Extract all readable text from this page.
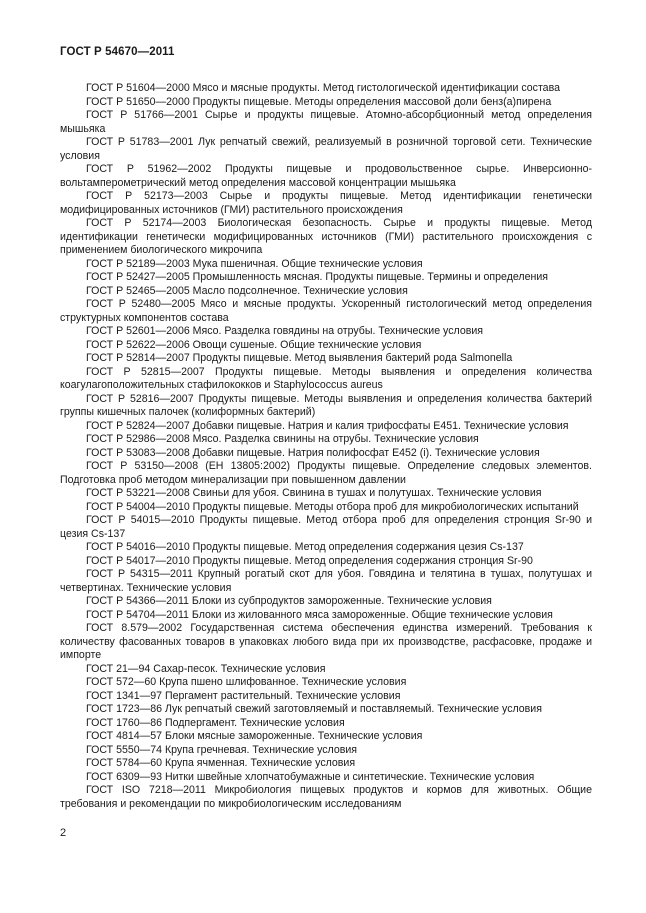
ГОСТ Р 54670—2011
ГОСТ Р 51604—2000 Мясо и мясные продукты. Метод гистологической идентификации состава
ГОСТ Р 51650—2000 Продукты пищевые. Методы определения массовой доли бенз(а)пирена
ГОСТ Р 51766—2001 Сырье и продукты пищевые. Атомно-абсорбционный метод определения мышьяка
ГОСТ Р 51783—2001 Лук репчатый свежий, реализуемый в розничной торговой сети. Технические условия
ГОСТ Р 51962—2002 Продукты пищевые и продовольственное сырье. Инверсионно-вольтамперометрический метод определения массовой концентрации мышьяка
ГОСТ Р 52173—2003 Сырье и продукты пищевые. Метод идентификации генетически модифицированных источников (ГМИ) растительного происхождения
ГОСТ Р 52174—2003 Биологическая безопасность. Сырье и продукты пищевые. Метод идентификации генетически модифицированных источников (ГМИ) растительного происхождения с применением биологического микрочипа
ГОСТ Р 52189—2003 Мука пшеничная. Общие технические условия
ГОСТ Р 52427—2005 Промышленность мясная. Продукты пищевые. Термины и определения
ГОСТ Р 52465—2005 Масло подсолнечное. Технические условия
ГОСТ Р 52480—2005 Мясо и мясные продукты. Ускоренный гистологический метод определения структурных компонентов состава
ГОСТ Р 52601—2006 Мясо. Разделка говядины на отрубы. Технические условия
ГОСТ Р 52622—2006 Овощи сушеные. Общие технические условия
ГОСТ Р 52814—2007 Продукты пищевые. Метод выявления бактерий рода Salmonella
ГОСТ Р 52815—2007 Продукты пищевые. Методы выявления и определения количества коагулагоположительных стафилококков и Staphylococcus aureus
ГОСТ Р 52816—2007 Продукты пищевые. Методы выявления и определения количества бактерий группы кишечных палочек (колиформных бактерий)
ГОСТ Р 52824—2007 Добавки пищевые. Натрия и калия трифосфаты Е451. Технические условия
ГОСТ Р 52986—2008 Мясо. Разделка свинины на отрубы. Технические условия
ГОСТ Р 53083—2008 Добавки пищевые. Натрия полифосфат Е452 (i). Технические условия
ГОСТ Р 53150—2008 (ЕН 13805:2002) Продукты пищевые. Определение следовых элементов. Подготовка проб методом минерализации при повышенном давлении
ГОСТ Р 53221—2008 Свиньи для убоя. Свинина в тушах и полутушах. Технические условия
ГОСТ Р 54004—2010 Продукты пищевые. Методы отбора проб для микробиологических испытаний
ГОСТ Р 54015—2010 Продукты пищевые. Метод отбора проб для определения стронция Sr-90 и цезия Cs-137
ГОСТ Р 54016—2010 Продукты пищевые. Метод определения содержания цезия Cs-137
ГОСТ Р 54017—2010 Продукты пищевые. Метод определения содержания стронция Sr-90
ГОСТ Р 54315—2011 Крупный рогатый скот для убоя. Говядина и телятина в тушах, полутушах и четвертинах. Технические условия
ГОСТ Р 54366—2011 Блоки из субпродуктов замороженные. Технические условия
ГОСТ Р 54704—2011 Блоки из жилованного мяса замороженные. Общие технические условия
ГОСТ 8.579—2002 Государственная система обеспечения единства измерений. Требования к количеству фасованных товаров в упаковках любого вида при их производстве, расфасовке, продаже и импорте
ГОСТ 21—94 Сахар-песок. Технические условия
ГОСТ 572—60 Крупа пшено шлифованное. Технические условия
ГОСТ 1341—97 Пергамент растительный. Технические условия
ГОСТ 1723—86 Лук репчатый свежий заготовляемый и поставляемый. Технические условия
ГОСТ 1760—86 Подпергамент. Технические условия
ГОСТ 4814—57 Блоки мясные замороженные. Технические условия
ГОСТ 5550—74 Крупа гречневая. Технические условия
ГОСТ 5784—60 Крупа ячменная. Технические условия
ГОСТ 6309—93 Нитки швейные хлопчатобумажные и синтетические. Технические условия
ГОСТ ISO 7218—2011 Микробиология пищевых продуктов и кормов для животных. Общие требования и рекомендации по микробиологическим исследованиям
2
